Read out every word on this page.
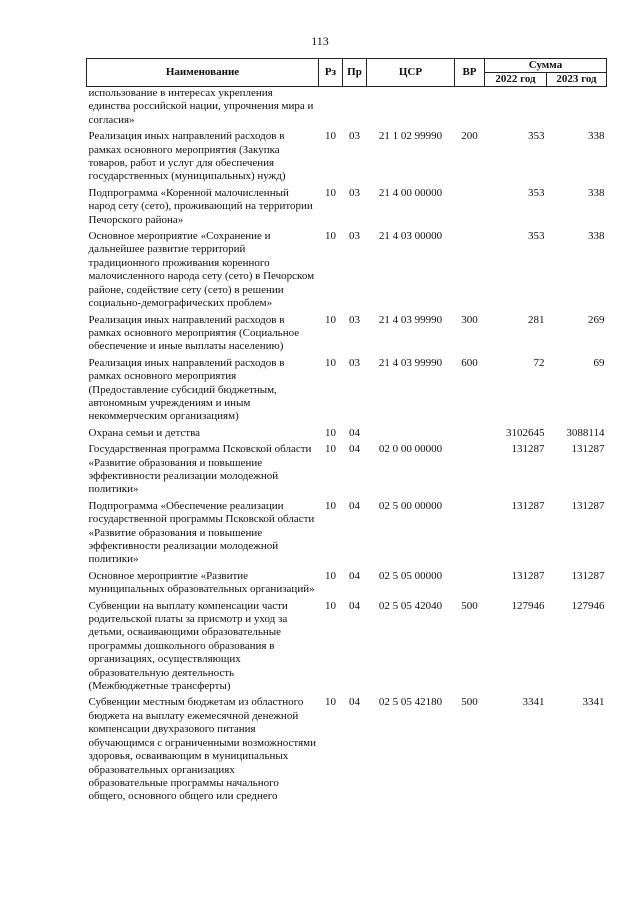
113
Наименование	Рз	Пр	ЦСР	ВР	Сумма	
					2022 год	2023 год
использование в интересах укрепления единства российской нации, упрочнения мира и согласия»						
Реализация иных направлений расходов в рамках основного мероприятия (Закупка товаров, работ и услуг для обеспечения государственных (муниципальных) нужд)	10	03	21 1 02 99990	200	353	338
Подпрограмма «Коренной малочисленный народ сету (сето), проживающий на территории Печорского района»	10	03	21 4 00 00000		353	338
Основное мероприятие «Сохранение и дальнейшее развитие территорий традиционного проживания коренного малочисленного народа сету (сето) в Печорском районе, содействие сету (сето) в решении социально-демографических проблем»	10	03	21 4 03 00000		353	338
Реализация иных направлений расходов в рамках основного мероприятия (Социальное обеспечение и иные выплаты населению)	10	03	21 4 03 99990	300	281	269
Реализация иных направлений расходов в рамках основного мероприятия (Предоставление субсидий бюджетным, автономным учреждениям и иным некоммерческим организациям)	10	03	21 4 03 99990	600	72	69
Охрана семьи и детства	10	04			3102645	3088114
Государственная программа Псковской области «Развитие образования и повышение эффективности реализации молодежной политики»	10	04	02 0 00 00000		131287	131287
Подпрограмма «Обеспечение реализации государственной программы Псковской области «Развитие образования и повышение эффективности реализации молодежной политики»	10	04	02 5 00 00000		131287	131287
Основное мероприятие «Развитие муниципальных образовательных организаций»	10	04	02 5 05 00000		131287	131287
Субвенции на выплату компенсации части родительской платы за присмотр и уход за детьми, осваивающими образовательные программы дошкольного образования в организациях, осуществляющих образовательную деятельность (Межбюджетные трансферты)	10	04	02 5 05 42040	500	127946	127946
Субвенции местным бюджетам из областного бюджета на выплату ежемесячной денежной компенсации двухразового питания обучающимся с ограниченными возможностями здоровья, осваивающим в муниципальных образовательных организациях образовательные программы начального общего, основного общего или среднего	10	04	02 5 05 42180	500	3341	3341
